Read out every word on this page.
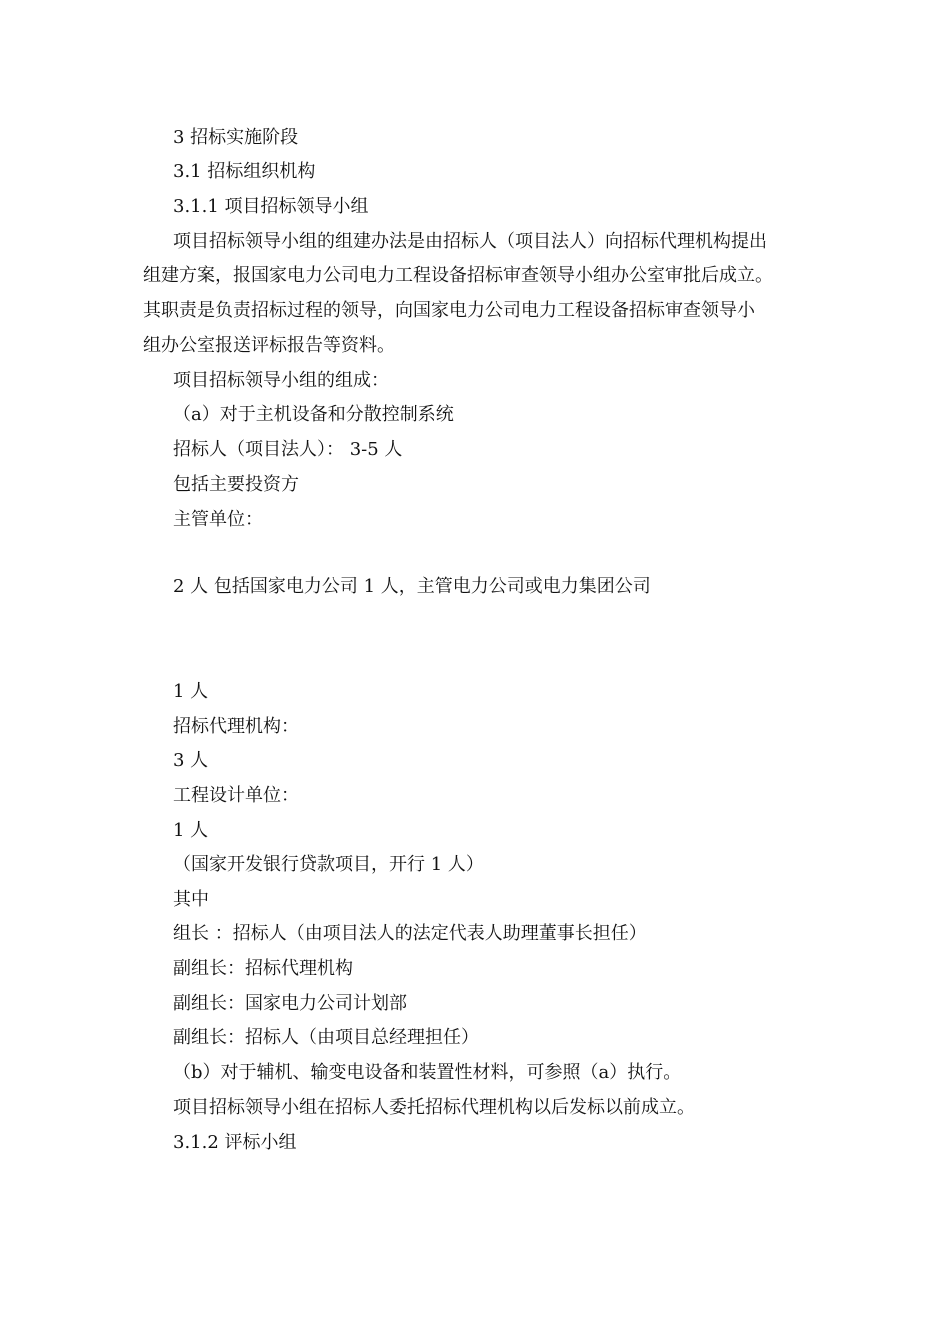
3 招标实施阶段
3.1 招标组织机构
3.1.1 项目招标领导小组
项目招标领导小组的组建办法是由招标人（项目法人）向招标代理机构提出
组建方案，报国家电力公司电力工程设备招标审查领导小组办公室审批后成立。
其职责是负责招标过程的领导，向国家电力公司电力工程设备招标审查领导小
组办公室报送评标报告等资料。
项目招标领导小组的组成：
（a）对于主机设备和分散控制系统
招标人（项目法人）： 3-5 人
包括主要投资方
主管单位：
2 人 包括国家电力公司 1 人，主管电力公司或电力集团公司
1 人
招标代理机构：
3 人
工程设计单位：
1 人
（国家开发银行贷款项目，开行 1 人）
其中
组长 ：招标人（由项目法人的法定代表人助理董事长担任）
副组长：招标代理机构
副组长：国家电力公司计划部
副组长：招标人（由项目总经理担任）
（b）对于辅机、输变电设备和装置性材料，可参照（a）执行。
项目招标领导小组在招标人委托招标代理机构以后发标以前成立。
3.1.2 评标小组
